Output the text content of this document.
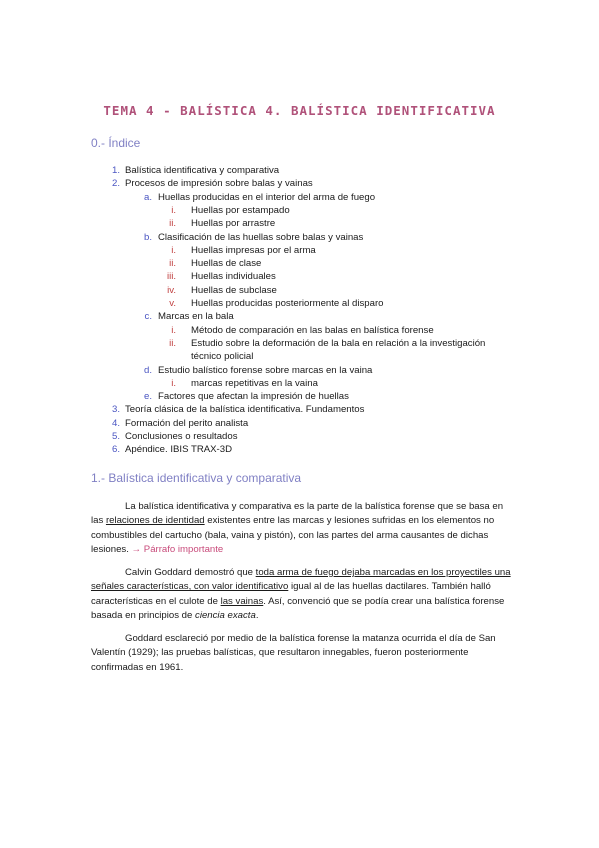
TEMA 4 - BALÍSTICA 4. BALÍSTICA IDENTIFICATIVA
0.- Índice
1. Balística identificativa y comparativa
2. Procesos de impresión sobre balas y vainas
a. Huellas producidas en el interior del arma de fuego
i. Huellas por estampado
ii. Huellas por arrastre
b. Clasificación de las huellas sobre balas y vainas
i. Huellas impresas por el arma
ii. Huellas de clase
iii. Huellas individuales
iv. Huellas de subclase
v. Huellas producidas posteriormente al disparo
c. Marcas en la bala
i. Método de comparación en las balas en balística forense
ii. Estudio sobre la deformación de la bala en relación a la investigación
técnico policial
d. Estudio balístico forense sobre marcas en la vaina
i. marcas repetitivas en la vaina
e. Factores que afectan la impresión de huellas
3. Teoría clásica de la balística identificativa. Fundamentos
4. Formación del perito analista
5. Conclusiones o resultados
6. Apéndice. IBIS TRAX-3D
1.- Balística identificativa y comparativa
La balística identificativa y comparativa es la parte de la balística forense que se basa en las relaciones de identidad existentes entre las marcas y lesiones sufridas en los elementos no combustibles del cartucho (bala, vaina y pistón), con las partes del arma causantes de dichas lesiones. → Párrafo importante
Calvin Goddard demostró que toda arma de fuego dejaba marcadas en los proyectiles una señales características, con valor identificativo igual al de las huellas dactilares. También halló características en el culote de las vainas. Así, convenció que se podía crear una balística forense basada en principios de ciencia exacta.
Goddard esclareció por medio de la balística forense la matanza ocurrida el día de San Valentín (1929); las pruebas balísticas, que resultaron innegables, fueron posteriormente confirmadas en 1961.
